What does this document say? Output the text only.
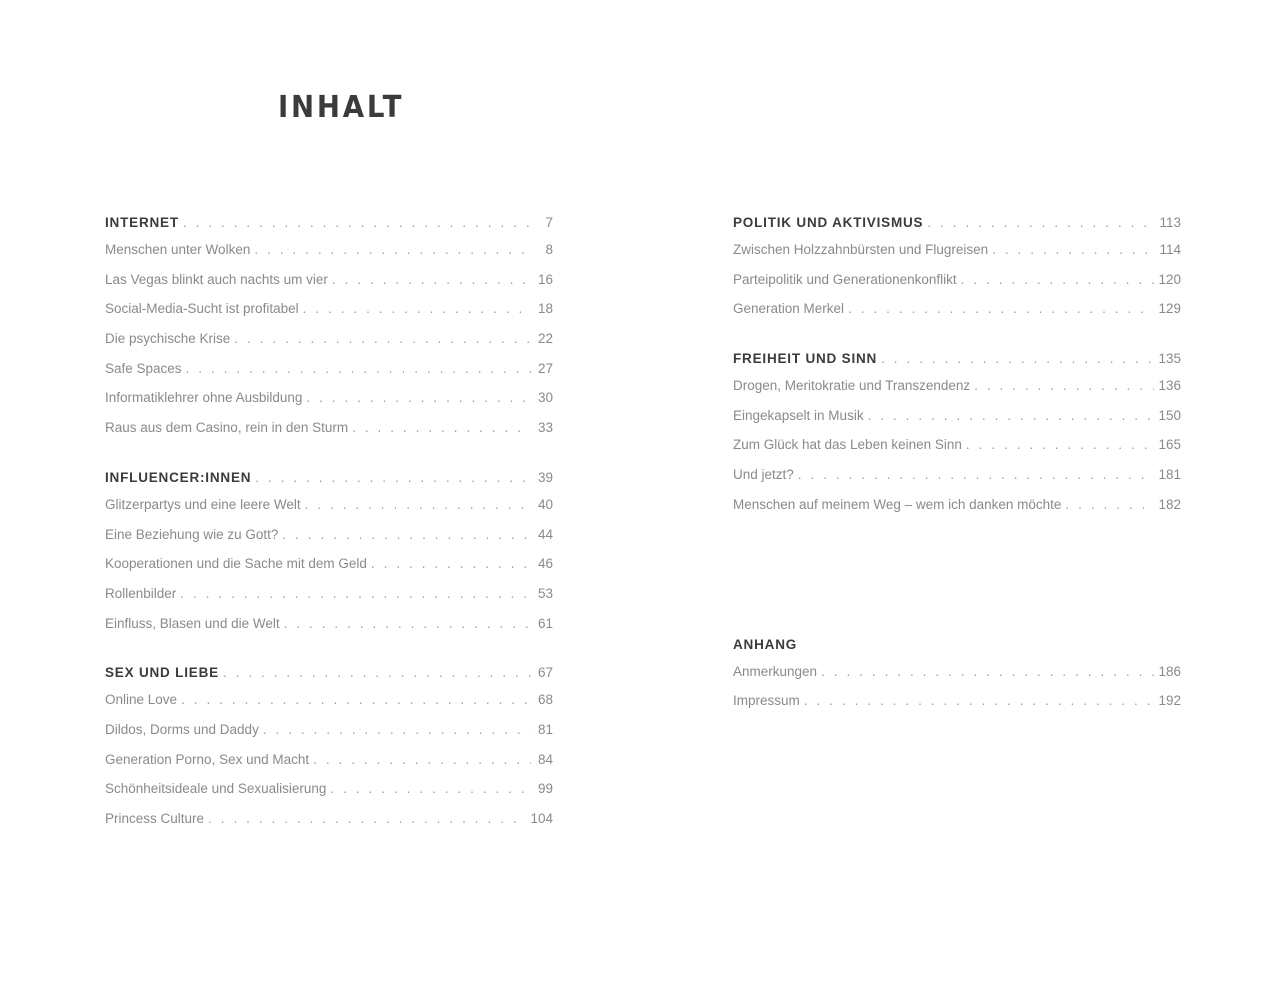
INHALT
INTERNET . . .	7
Menschen unter Wolken . . .	8
Las Vegas blinkt auch nachts um vier . . .	16
Social-Media-Sucht ist profitabel . . .	18
Die psychische Krise . . .	22
Safe Spaces . . .	27
Informatiklehrer ohne Ausbildung . . .	30
Raus aus dem Casino, rein in den Sturm . . .	33
INFLUENCER:INNEN . . .	39
Glitzerpartys und eine leere Welt . . .	40
Eine Beziehung wie zu Gott? . . .	44
Kooperationen und die Sache mit dem Geld . . .	46
Rollenbilder . . .	53
Einfluss, Blasen und die Welt . . .	61
SEX UND LIEBE . . .	67
Online Love . . .	68
Dildos, Dorms und Daddy . . .	81
Generation Porno, Sex und Macht . . .	84
Schönheitsideale und Sexualisierung . . .	99
Princess Culture . . .	104
POLITIK UND AKTIVISMUS . . .	113
Zwischen Holzzahnbürsten und Flugreisen . . .	114
Parteipolitik und Generationenkonflikt . . .	120
Generation Merkel . . .	129
FREIHEIT UND SINN . . .	135
Drogen, Meritokratie und Transzendenz . . .	136
Eingekapselt in Musik . . .	150
Zum Glück hat das Leben keinen Sinn . . .	165
Und jetzt? . . .	181
Menschen auf meinem Weg – wem ich danken möchte . . .	182
ANHANG
Anmerkungen . . .	186
Impressum . . .	192
